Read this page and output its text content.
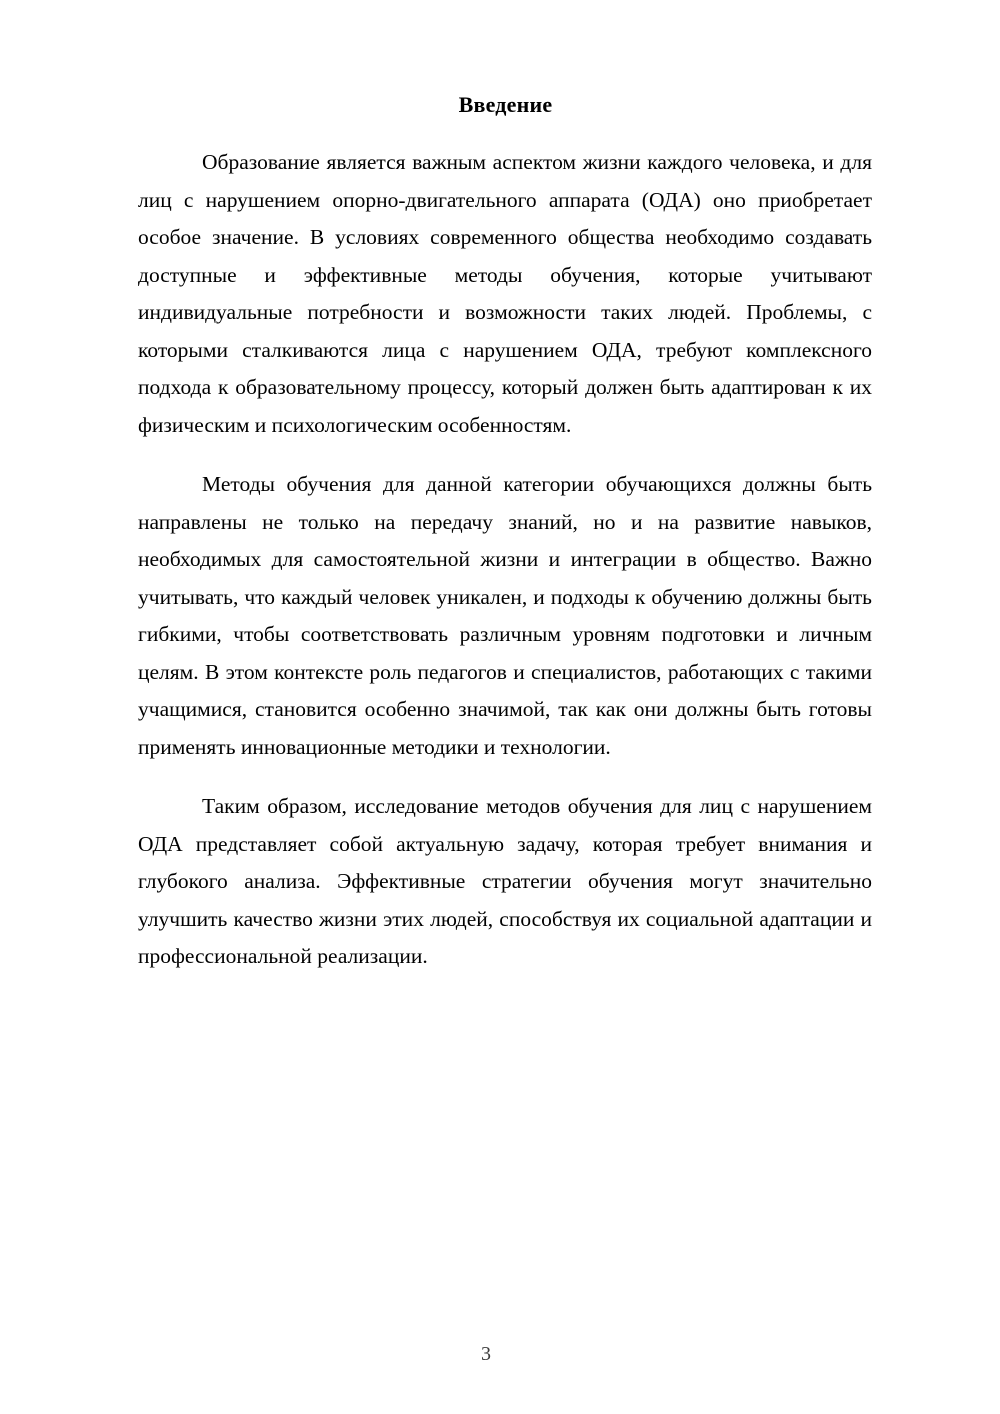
Введение

Образование является важным аспектом жизни каждого человека, и для лиц с нарушением опорно-двигательного аппарата (ОДА) оно приобретает особое значение. В условиях современного общества необходимо создавать доступные и эффективные методы обучения, которые учитывают индивидуальные потребности и возможности таких людей. Проблемы, с которыми сталкиваются лица с нарушением ОДА, требуют комплексного подхода к образовательному процессу, который должен быть адаптирован к их физическим и психологическим особенностям.

Методы обучения для данной категории обучающихся должны быть направлены не только на передачу знаний, но и на развитие навыков, необходимых для самостоятельной жизни и интеграции в общество. Важно учитывать, что каждый человек уникален, и подходы к обучению должны быть гибкими, чтобы соответствовать различным уровням подготовки и личным целям. В этом контексте роль педагогов и специалистов, работающих с такими учащимися, становится особенно значимой, так как они должны быть готовы применять инновационные методики и технологии.

Таким образом, исследование методов обучения для лиц с нарушением ОДА представляет собой актуальную задачу, которая требует внимания и глубокого анализа. Эффективные стратегии обучения могут значительно улучшить качество жизни этих людей, способствуя их социальной адаптации и профессиональной реализации.

3
